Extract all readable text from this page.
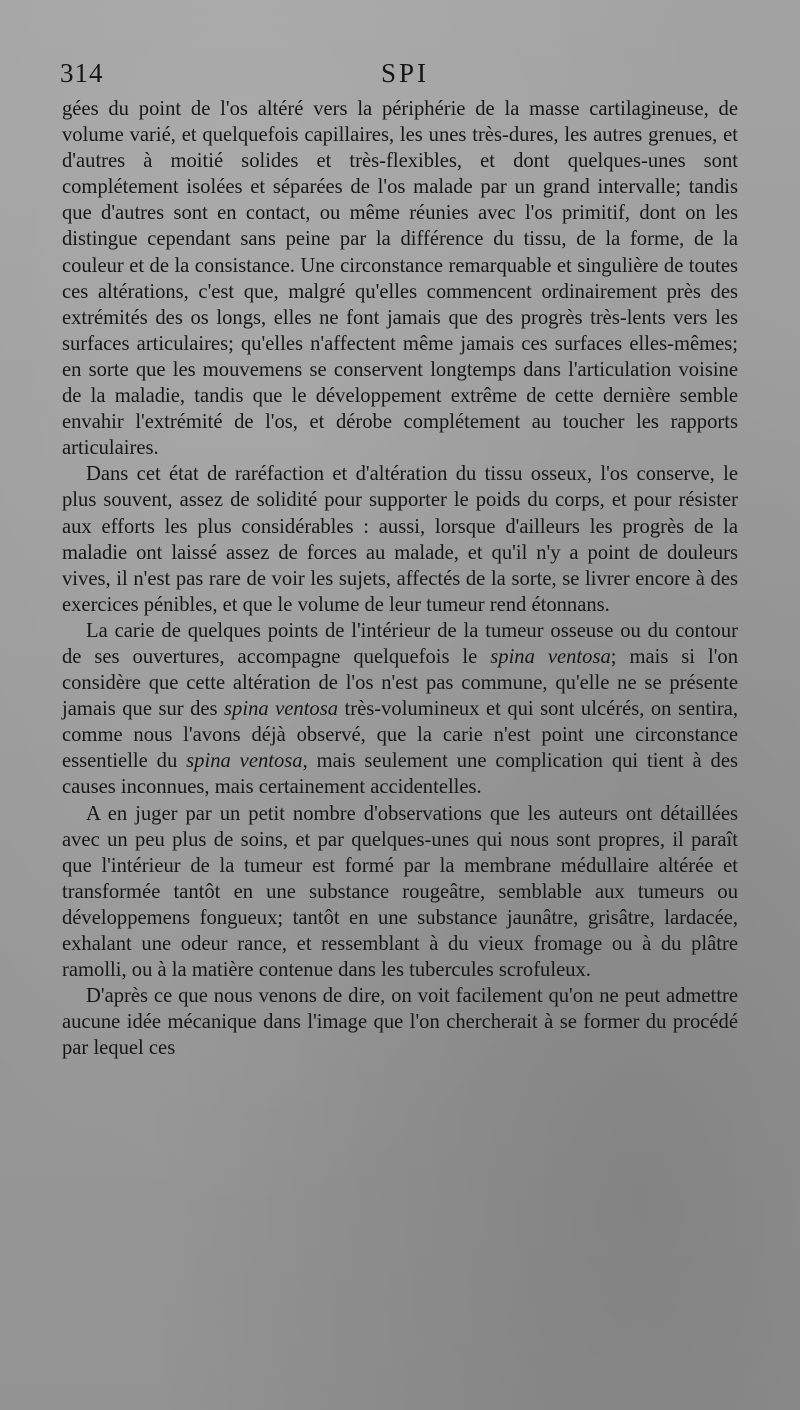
314	SPI

gées du point de l'os altéré vers la périphérie de la masse cartilagineuse, de volume varié, et quelquefois capillaires, les unes très-dures, les autres grenues, et d'autres à moitié solides et très-flexibles, et dont quelques-unes sont complétement isolées et séparées de l'os malade par un grand intervalle; tandis que d'autres sont en contact, ou même réunies avec l'os primitif, dont on les distingue cependant sans peine par la différence du tissu, de la forme, de la couleur et de la consistance. Une circonstance remarquable et singulière de toutes ces altérations, c'est que, malgré qu'elles commencent ordinairement près des extrémités des os longs, elles ne font jamais que des progrès très-lents vers les surfaces articulaires; qu'elles n'affectent même jamais ces surfaces elles-mêmes; en sorte que les mouvemens se conservent longtemps dans l'articulation voisine de la maladie, tandis que le développement extrême de cette dernière semble envahir l'extrémité de l'os, et dérobe complétement au toucher les rapports articulaires.

Dans cet état de raréfaction et d'altération du tissu osseux, l'os conserve, le plus souvent, assez de solidité pour supporter le poids du corps, et pour résister aux efforts les plus considérables : aussi, lorsque d'ailleurs les progrès de la maladie ont laissé assez de forces au malade, et qu'il n'y a point de douleurs vives, il n'est pas rare de voir les sujets, affectés de la sorte, se livrer encore à des exercices pénibles, et que le volume de leur tumeur rend étonnans.

La carie de quelques points de l'intérieur de la tumeur osseuse ou du contour de ses ouvertures, accompagne quelquefois le spina ventosa; mais si l'on considère que cette altération de l'os n'est pas commune, qu'elle ne se présente jamais que sur des spina ventosa très-volumineux et qui sont ulcérés, on sentira, comme nous l'avons déjà observé, que la carie n'est point une circonstance essentielle du spina ventosa, mais seulement une complication qui tient à des causes inconnues, mais certainement accidentelles.

A en juger par un petit nombre d'observations que les auteurs ont détaillées avec un peu plus de soins, et par quelques-unes qui nous sont propres, il paraît que l'intérieur de la tumeur est formé par la membrane médullaire altérée et transformée tantôt en une substance rougeâtre, semblable aux tumeurs ou développemens fongueux; tantôt en une substance jaunâtre, grisâtre, lardacée, exhalant une odeur rance, et ressemblant à du vieux fromage ou à du plâtre ramolli, ou à la matière contenue dans les tubercules scrofuleux.

D'après ce que nous venons de dire, on voit facilement qu'on ne peut admettre aucune idée mécanique dans l'image que l'on chercherait à se former du procédé par lequel ces
